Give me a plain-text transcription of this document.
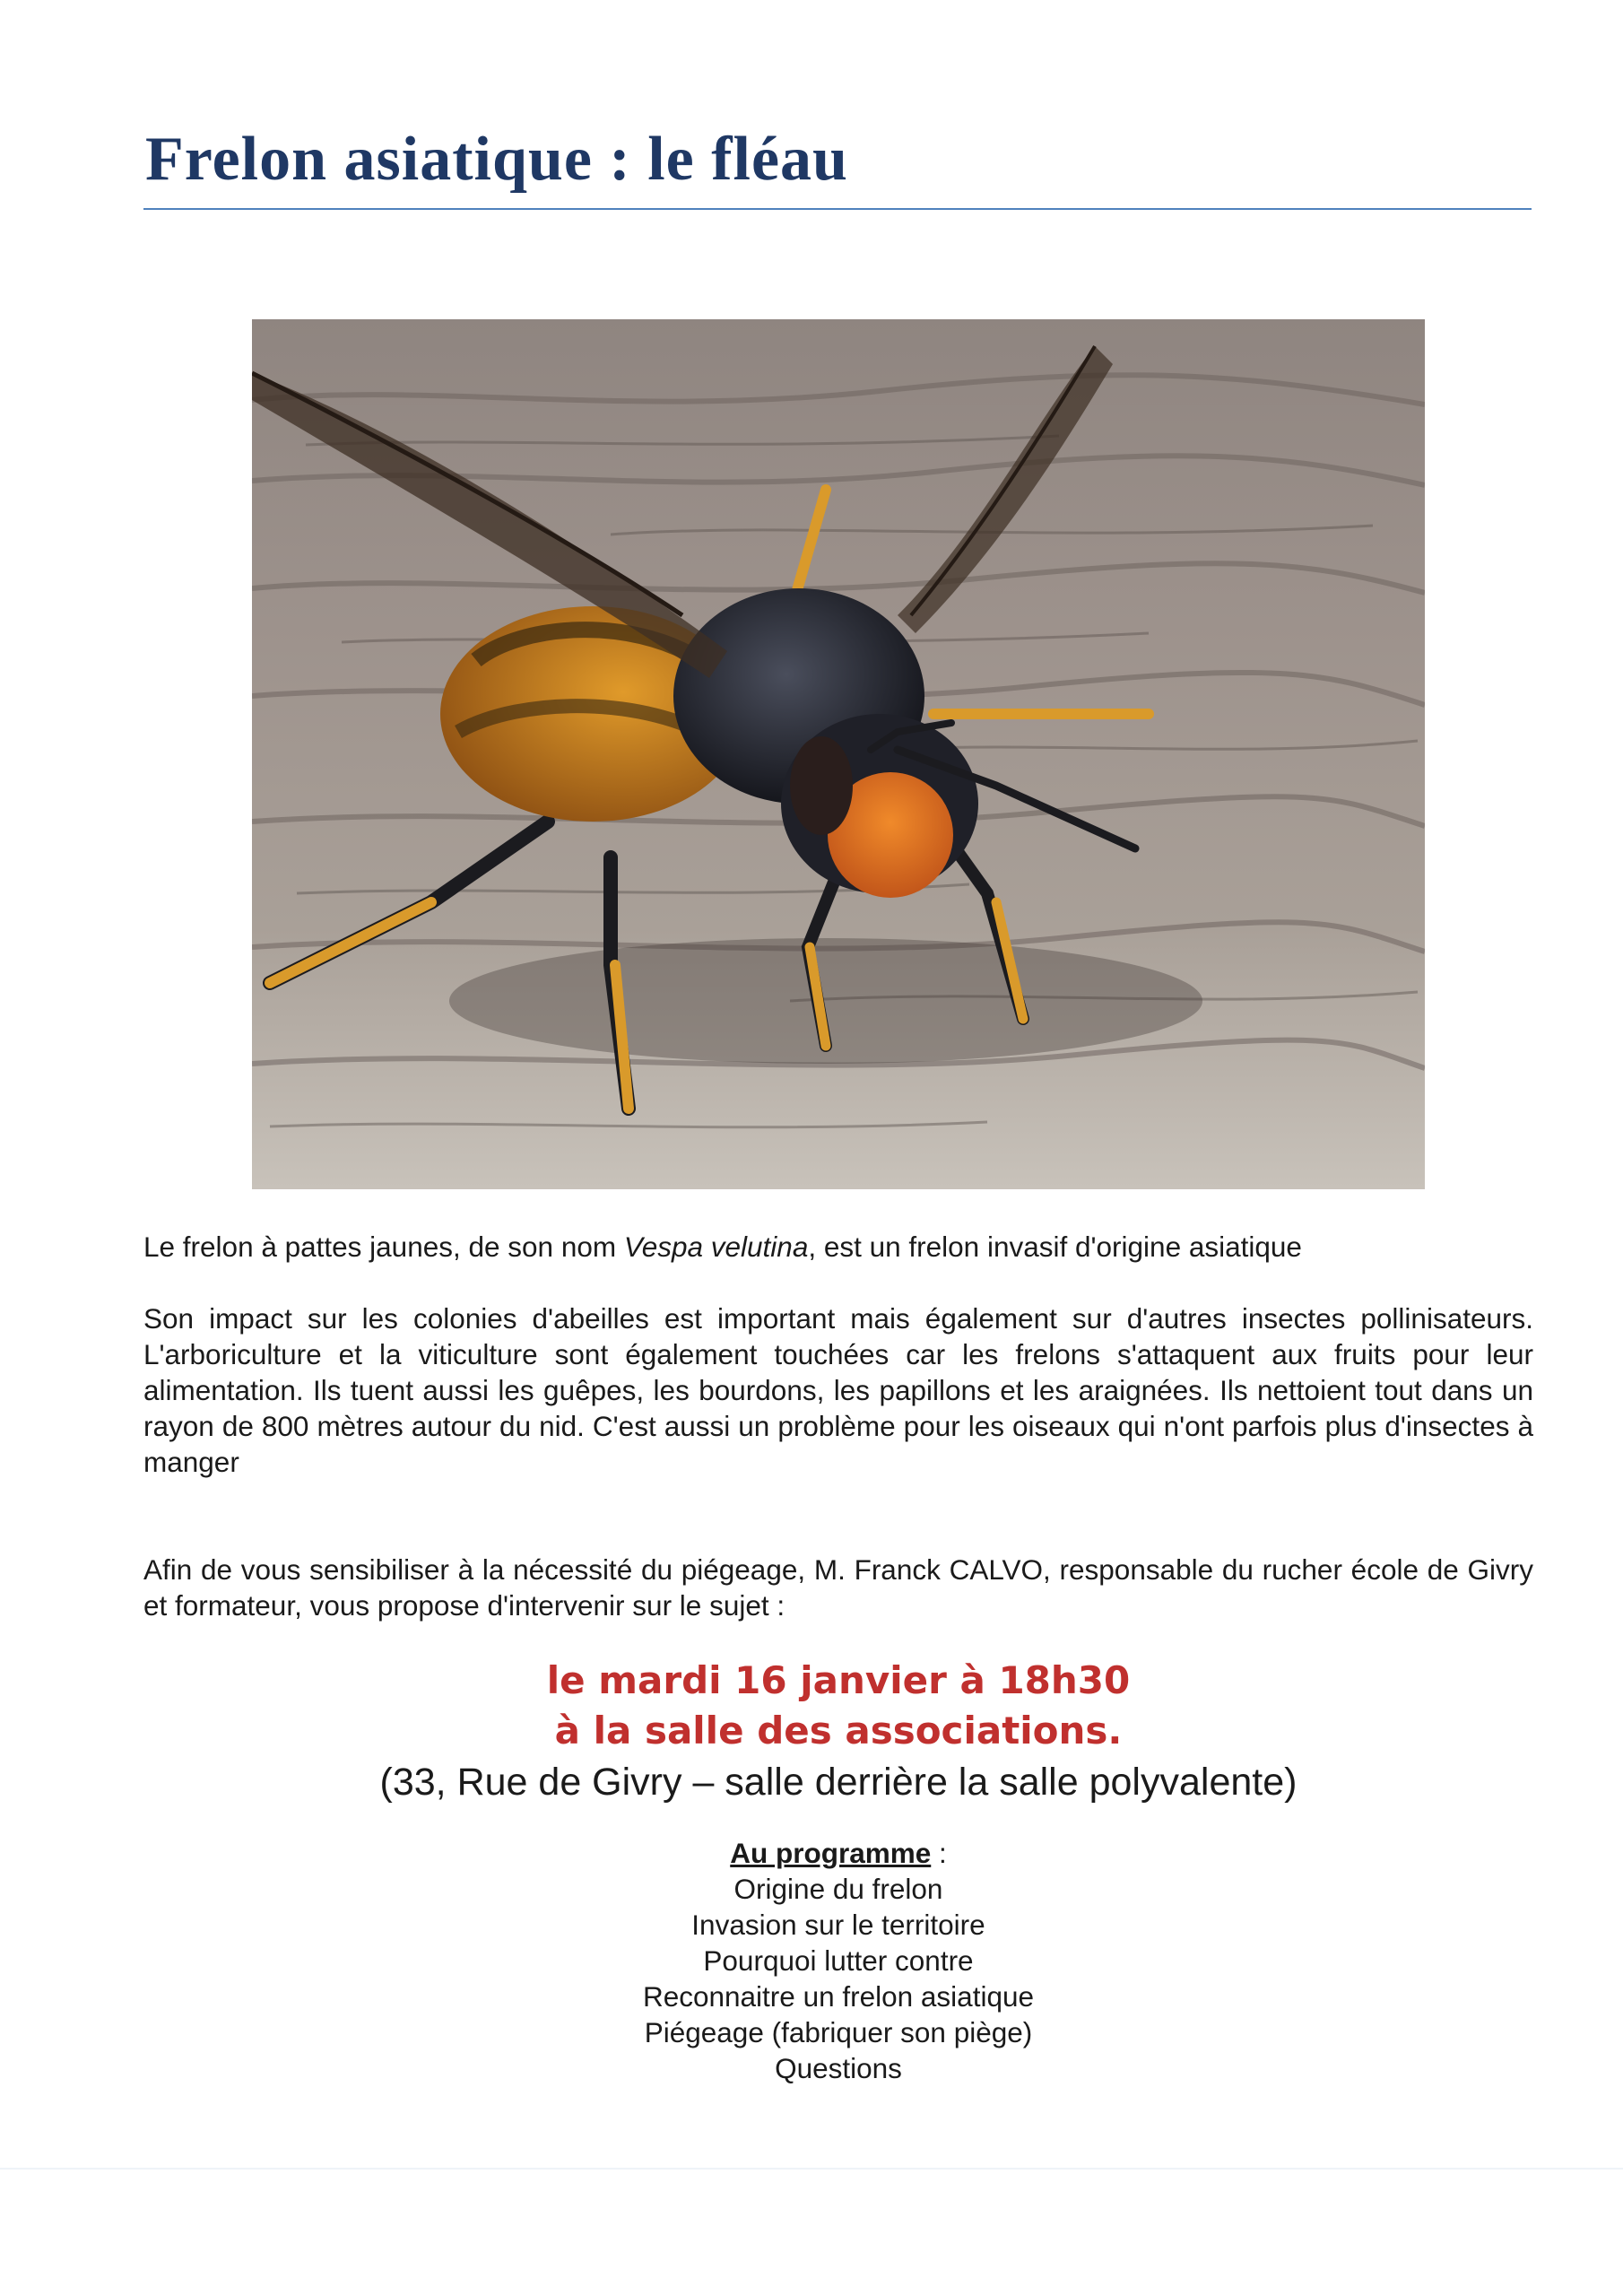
Frelon asiatique : le fléau

Le frelon à pattes jaunes, de son nom Vespa velutina, est un frelon invasif d'origine asiatique

Son impact sur les colonies d'abeilles est important mais également sur d'autres insectes pollinisateurs. L'arboriculture et la viticulture sont également touchées car les frelons s'attaquent aux fruits pour leur alimentation. Ils tuent aussi les guêpes, les bourdons, les papillons et les araignées. Ils nettoient tout dans un rayon de 800 mètres autour du nid. C'est aussi un problème pour les oiseaux qui n'ont parfois plus d'insectes à manger

Afin de vous sensibiliser à la nécessité du piégeage, M. Franck CALVO, responsable du rucher école de Givry et formateur, vous propose d'intervenir sur le sujet :

le mardi 16 janvier à 18h30
à la salle des associations.
(33, Rue de Givry – salle derrière la salle polyvalente)
Au programme :
Origine du frelon
Invasion sur le territoire
Pourquoi lutter contre
Reconnaitre un frelon asiatique
Piégeage (fabriquer son piège)
Questions
